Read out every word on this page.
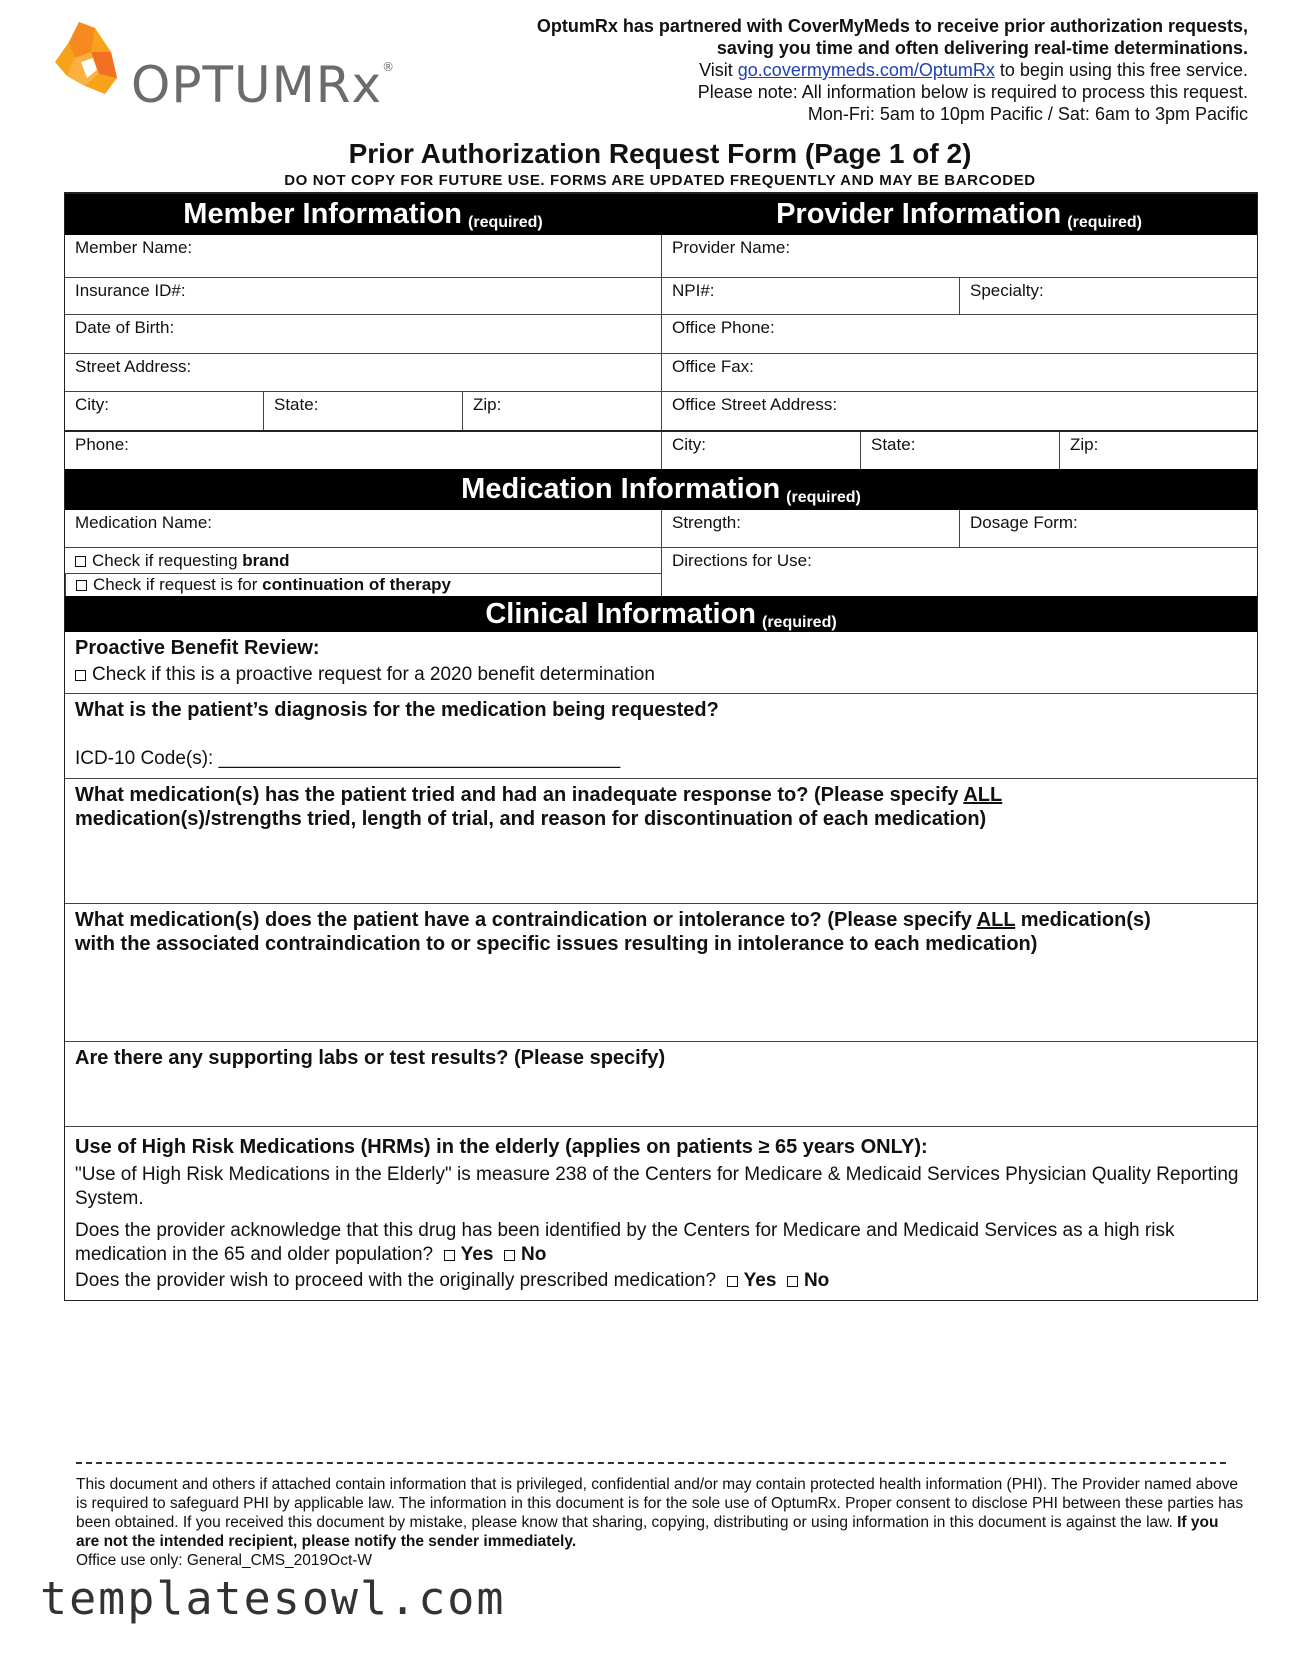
OPTUMRx®
OptumRx has partnered with CoverMyMeds to receive prior authorization requests,
saving you time and often delivering real-time determinations.
Visit go.covermymeds.com/OptumRx to begin using this free service.
Please note: All information below is required to process this request.
Mon-Fri: 5am to 10pm Pacific / Sat: 6am to 3pm Pacific
Prior Authorization Request Form (Page 1 of 2)
DO NOT COPY FOR FUTURE USE. FORMS ARE UPDATED FREQUENTLY AND MAY BE BARCODED
Member Information (required)	Provider Information (required)
Member Name:	Provider Name:
Insurance ID#:	NPI#:	Specialty:
Date of Birth:	Office Phone:
Street Address:	Office Fax:
City:	State:	Zip:	Office Street Address:
Phone:	City:	State:	Zip:
Medication Information (required)
Medication Name:	Strength:	Dosage Form:
Check if requesting brand
Check if request is for continuation of therapy
Directions for Use:
Clinical Information (required)
Proactive Benefit Review:
Check if this is a proactive request for a 2020 benefit determination
What is the patient’s diagnosis for the medication being requested?
ICD-10 Code(s): ______________________________________
What medication(s) has the patient tried and had an inadequate response to? (Please specify ALL
medication(s)/strengths tried, length of trial, and reason for discontinuation of each medication)
What medication(s) does the patient have a contraindication or intolerance to? (Please specify ALL medication(s)
with the associated contraindication to or specific issues resulting in intolerance to each medication)
Are there any supporting labs or test results? (Please specify)
Use of High Risk Medications (HRMs) in the elderly (applies on patients ≥ 65 years ONLY):
"Use of High Risk Medications in the Elderly" is measure 238 of the Centers for Medicare & Medicaid Services Physician Quality Reporting System.
Does the provider acknowledge that this drug has been identified by the Centers for Medicare and Medicaid Services as a high risk medication in the 65 and older population? Yes No
Does the provider wish to proceed with the originally prescribed medication? Yes No
This document and others if attached contain information that is privileged, confidential and/or may contain protected health information (PHI). The Provider named above is required to safeguard PHI by applicable law. The information in this document is for the sole use of OptumRx. Proper consent to disclose PHI between these parties has been obtained. If you received this document by mistake, please know that sharing, copying, distributing or using information in this document is against the law. If you are not the intended recipient, please notify the sender immediately.
Office use only: General_CMS_2019Oct-W
templatesowl.com
